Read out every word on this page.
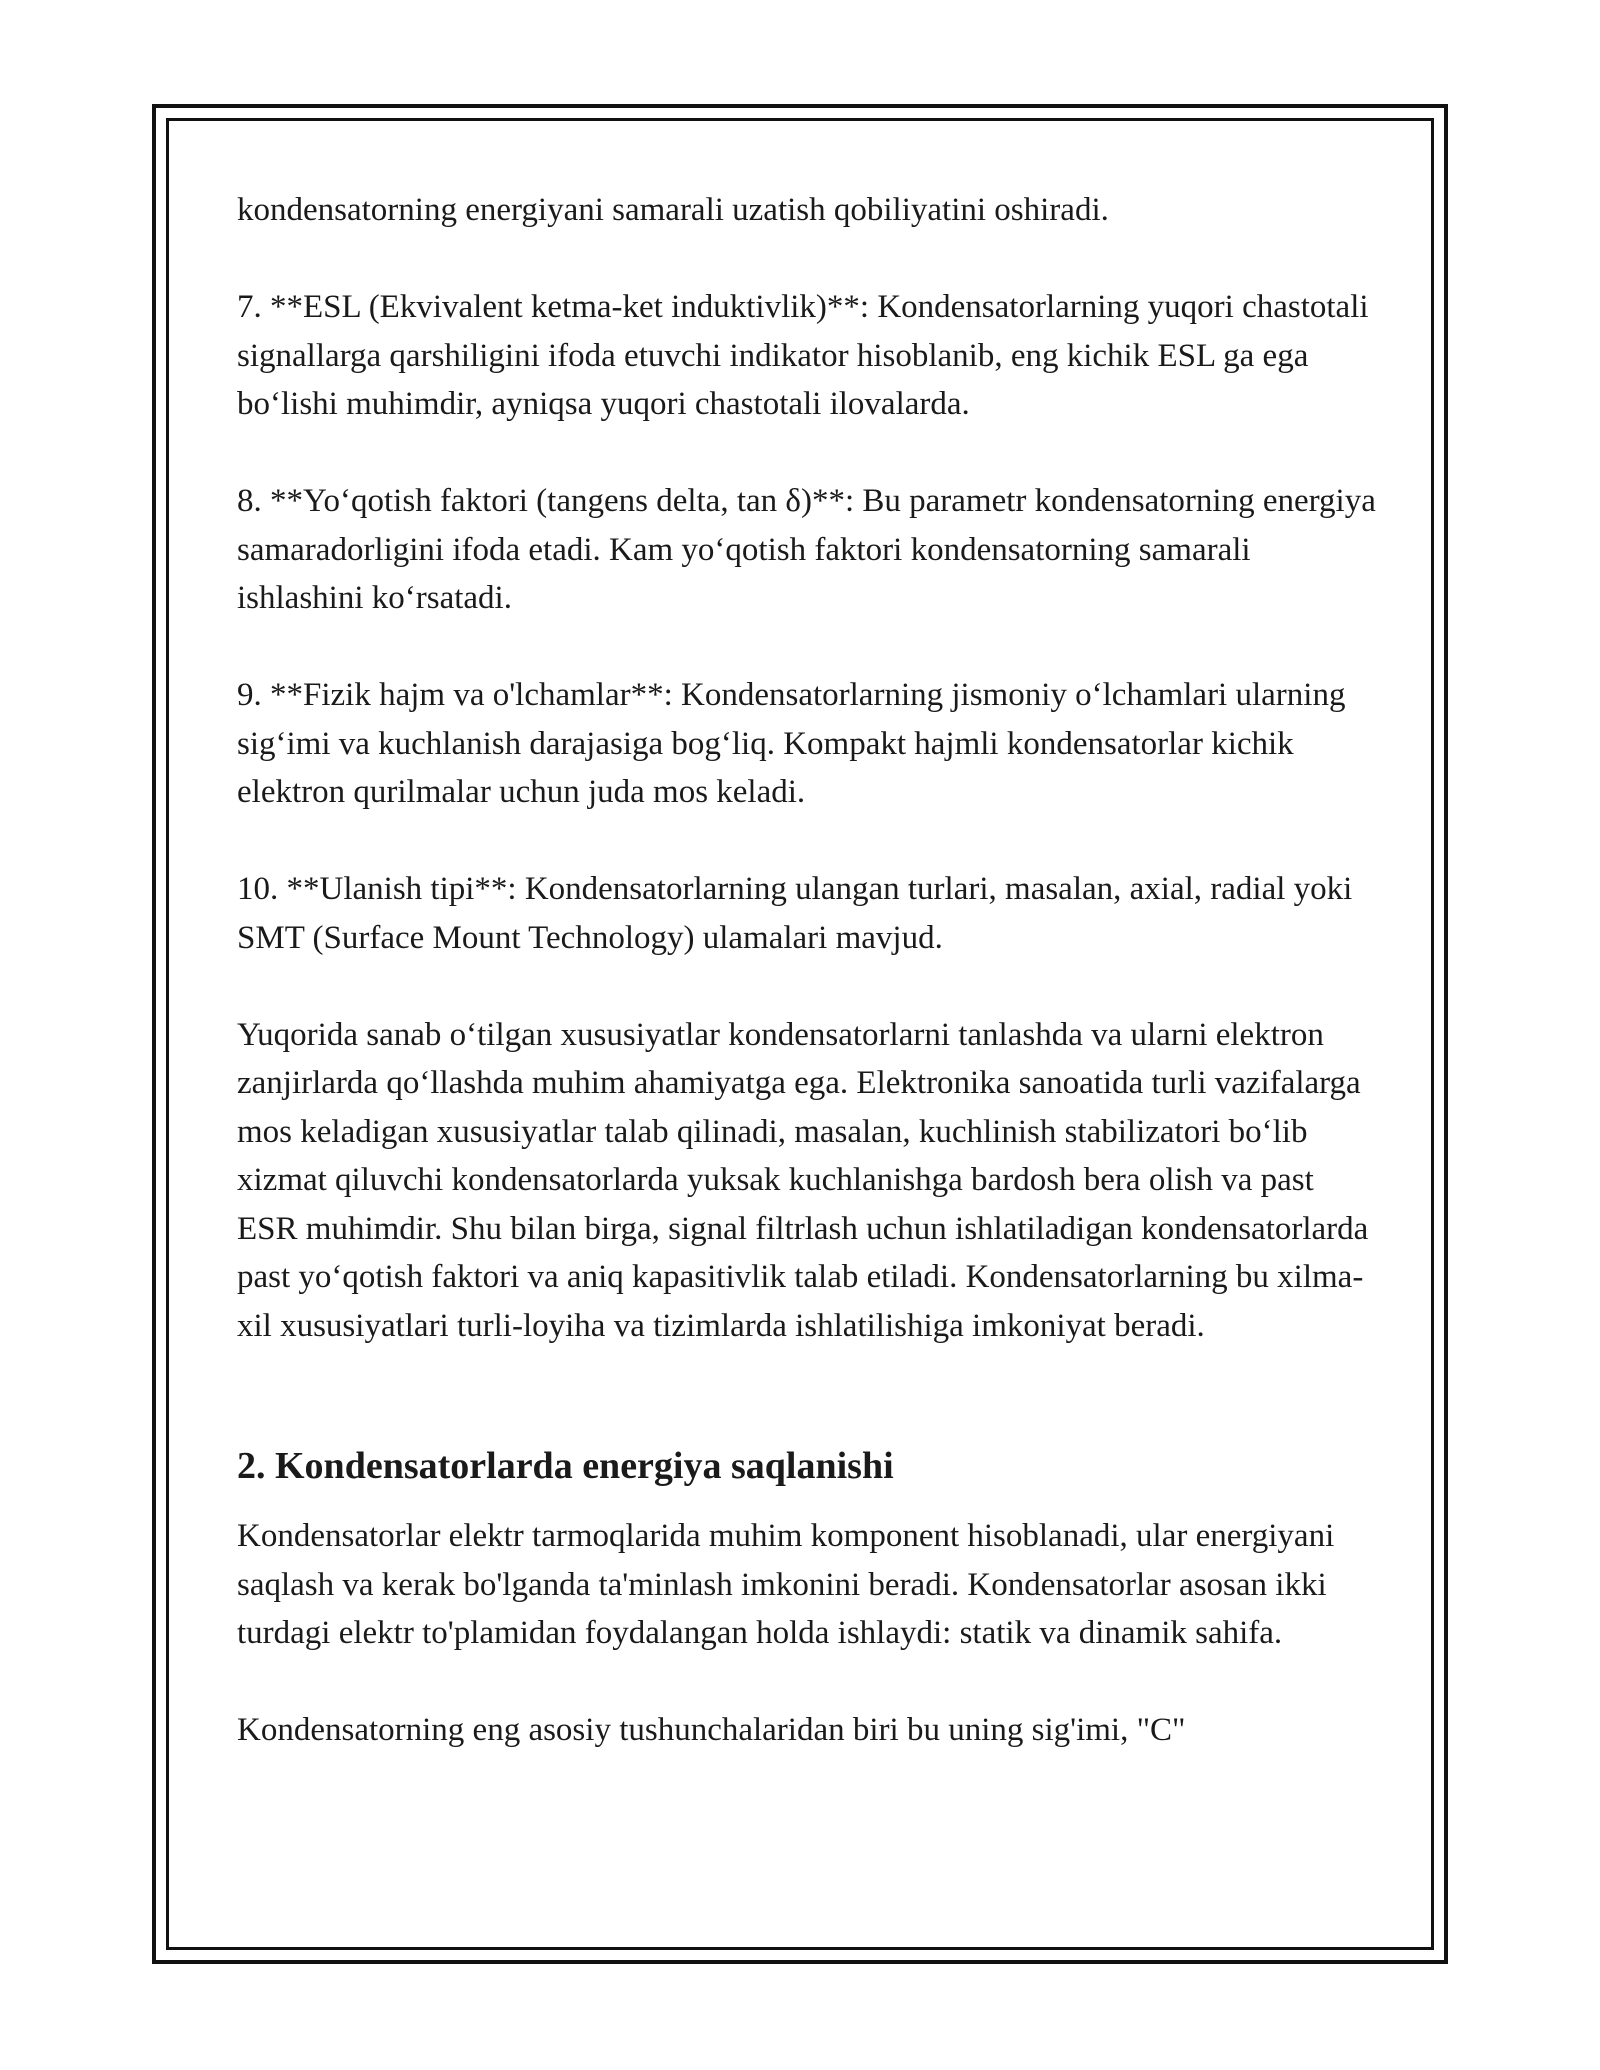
kondensatorning energiyani samarali uzatish qobiliyatini oshiradi.

7. **ESL (Ekvivalent ketma-ket induktivlik)**: Kondensatorlarning yuqori chastotali signallarga qarshiligini ifoda etuvchi indikator hisoblanib, eng kichik ESL ga ega bo‘lishi muhimdir, ayniqsa yuqori chastotali ilovalarda.

8. **Yo‘qotish faktori (tangens delta, tan δ)**: Bu parametr kondensatorning energiya samaradorligini ifoda etadi. Kam yo‘qotish faktori kondensatorning samarali ishlashini ko‘rsatadi.

9. **Fizik hajm va o'lchamlar**: Kondensatorlarning jismoniy o‘lchamlari ularning sig‘imi va kuchlanish darajasiga bog‘liq. Kompakt hajmli kondensatorlar kichik elektron qurilmalar uchun juda mos keladi.

10. **Ulanish tipi**: Kondensatorlarning ulangan turlari, masalan, axial, radial yoki SMT (Surface Mount Technology) ulamalari mavjud.

Yuqorida sanab o‘tilgan xususiyatlar kondensatorlarni tanlashda va ularni elektron zanjirlarda qo‘llashda muhim ahamiyatga ega. Elektronika sanoatida turli vazifalarga mos keladigan xususiyatlar talab qilinadi, masalan, kuchlinish stabilizatori bo‘lib xizmat qiluvchi kondensatorlarda yuksak kuchlanishga bardosh bera olish va past ESR muhimdir. Shu bilan birga, signal filtrlash uchun ishlatiladigan kondensatorlarda past yo‘qotish faktori va aniq kapasitivlik talab etiladi. Kondensatorlarning bu xilma-xil xususiyatlari turli-loyiha va tizimlarda ishlatilishiga imkoniyat beradi.

2. Kondensatorlarda energiya saqlanishi

Kondensatorlar elektr tarmoqlarida muhim komponent hisoblanadi, ular energiyani saqlash va kerak bo'lganda ta'minlash imkonini beradi. Kondensatorlar asosan ikki turdagi elektr to'plamidan foydalangan holda ishlaydi: statik va dinamik sahifa.

Kondensatorning eng asosiy tushunchalaridan biri bu uning sig'imi, "C"
